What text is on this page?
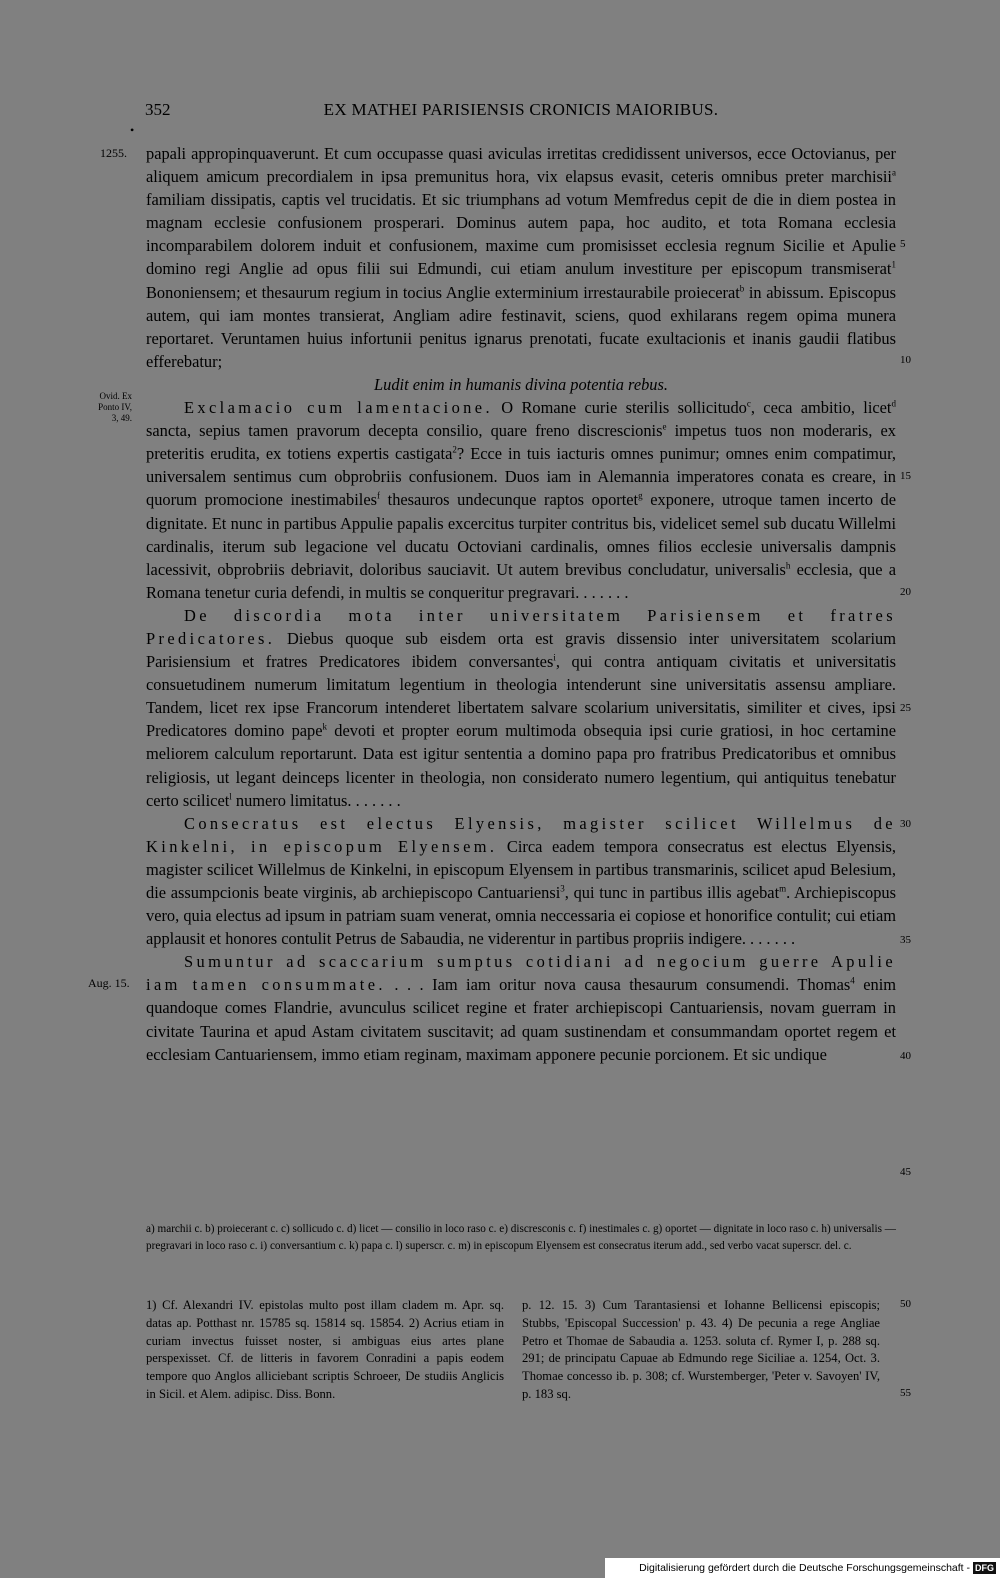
•
352	EX MATHEI PARISIENSIS CRONICIS MAIORIBUS.
1255.
Ovid. Ex
Ponto IV,
3, 49.
Aug. 15.
5
10
15
20
25
30
35
40
45

papali appropinquaverunt. Et cum occupasse quasi aviculas irretitas credidissent universos, ecce Octovianus, per aliquem amicum precordialem in ipsa premunitus hora, vix elapsus evasit, ceteris omnibus preter marchisii$^a$ familiam dissipatis, captis vel trucidatis. Et sic triumphans ad votum Memfredus cepit de die in diem postea in magnam ecclesie confusionem prosperari. Dominus autem papa, hoc audito, et tota Romana ecclesia incomparabilem dolorem induit et confusionem, maxime cum promisisset ecclesia regnum Sicilie et Apulie domino regi Anglie ad opus filii sui Edmundi, cui etiam anulum investiture per episcopum transmiserat$^1$ Bononiensem; et thesaurum regium in tocius Anglie exterminium irrestaurabile proiecerat$^b$ in abissum. Episcopus autem, qui iam montes transierat, Angliam adire festinavit, sciens, quod exhilarans regem opima munera reportaret. Veruntamen huius infortunii penitus ignarus prenotati, fucate exultacionis et inanis gaudii flatibus efferebatur;

Ludit enim in humanis divina potentia rebus.

Exclamacio cum lamentacione. O Romane curie sterilis sollicitudo$^c$, ceca ambitio, licet$^d$ sancta, sepius tamen pravorum decepta consilio, quare freno discrescionis$^e$ impetus tuos non moderaris, ex preteritis erudita, ex totiens expertis castigata$^2$? Ecce in tuis iacturis omnes punimur; omnes enim compatimur, universalem sentimus cum obprobriis confusionem. Duos iam in Alemannia imperatores conata es creare, in quorum promocione inestimabiles$^f$ thesauros undecunque raptos oportet$^g$ exponere, utroque tamen incerto de dignitate. Et nunc in partibus Appulie papalis excercitus turpiter contritus bis, videlicet semel sub ducatu Willelmi cardinalis, iterum sub legacione vel ducatu Octoviani cardinalis, omnes filios ecclesie universalis dampnis lacessivit, obprobriis debriavit, doloribus sauciavit. Ut autem brevibus concludatur, universalis$^h$ ecclesia, que a Romana tenetur curia defendi, in multis se conqueritur pregravari. . . . . . .

De discordia mota inter universitatem Parisiensem et fratres Predicatores. Diebus quoque sub eisdem orta est gravis dissensio inter universitatem scolarium Parisiensium et fratres Predicatores ibidem conversantes$^i$, qui contra antiquam civitatis et universitatis consuetudinem numerum limitatum legentium in theologia intenderunt sine universitatis assensu ampliare. Tandem, licet rex ipse Francorum intenderet libertatem salvare scolarium universitatis, similiter et cives, ipsi Predicatores domino pape$^k$ devoti et propter eorum multimoda obsequia ipsi curie gratiosi, in hoc certamine meliorem calculum reportarunt. Data est igitur sententia a domino papa pro fratribus Predicatoribus et omnibus religiosis, ut legant deinceps licenter in theologia, non considerato numero legentium, qui antiquitus tenebatur certo scilicet$^l$ numero limitatus. . . . . . .

Consecratus est electus Elyensis, magister scilicet Willelmus de Kinkelni, in episcopum Elyensem. Circa eadem tempora consecratus est electus Elyensis, magister scilicet Willelmus de Kinkelni, in episcopum Elyensem in partibus transmarinis, scilicet apud Belesium, die assumpcionis beate virginis, ab archiepiscopo Cantuariensi$^3$, qui tunc in partibus illis agebat$^m$. Archiepiscopus vero, quia electus ad ipsum in patriam suam venerat, omnia neccessaria ei copiose et honorifice contulit; cui etiam applausit et honores contulit Petrus de Sabaudia, ne viderentur in partibus propriis indigere. . . . . . .

Sumuntur ad scaccarium sumptus cotidiani ad negocium guerre Apulie iam tamen consummate. . . . Iam iam oritur nova causa thesaurum consumendi. Thomas$^4$ enim quandoque comes Flandrie, avunculus scilicet regine et frater archiepiscopi Cantuariensis, novam guerram in civitate Taurina et apud Astam civitatem suscitavit; ad quam sustinendam et consummandam oportet regem et ecclesiam Cantuariensem, immo etiam reginam, maximam apponere pecunie porcionem. Et sic undique

a) marchii c. b) proiecerant c. c) sollicudo c. d) licet — consilio in loco raso c. e) discresconis c. f) inestimales c. g) oportet — dignitate in loco raso c. h) universalis — pregravari in loco raso c. i) conversantium c. k) papa c. l) superscr. c. m) in episcopum Elyensem est consecratus iterum add., sed verbo vacat superscr. del. c.
1) Cf. Alexandri IV. epistolas multo post illam cladem m. Apr. sq. datas ap. Potthast nr. 15785 sq. 15814 sq. 15854. 2) Acrius etiam in curiam invectus fuisset noster, si ambiguas eius artes plane perspexisset. Cf. de litteris in favorem Conradini a papis eodem tempore quo Anglos alliciebant scriptis Schroeer, De studiis Anglicis in Sicil. et Alem. adipisc. Diss. Bonn.
p. 12. 15. 3) Cum Tarantasiensi et Iohanne Bellicensi episcopis; Stubbs, 'Episcopal Succession' p. 43. 4) De pecunia a rege Angliae Petro et Thomae de Sabaudia a. 1253. soluta cf. Rymer I, p. 288 sq. 291; de principatu Capuae ab Edmundo rege Siciliae a. 1254, Oct. 3. Thomae concesso ib. p. 308; cf. Wurstemberger, 'Peter v. Savoyen' IV, p. 183 sq.
50
55
Digitalisierung gefördert durch die Deutsche Forschungsgemeinschaft - DFG
